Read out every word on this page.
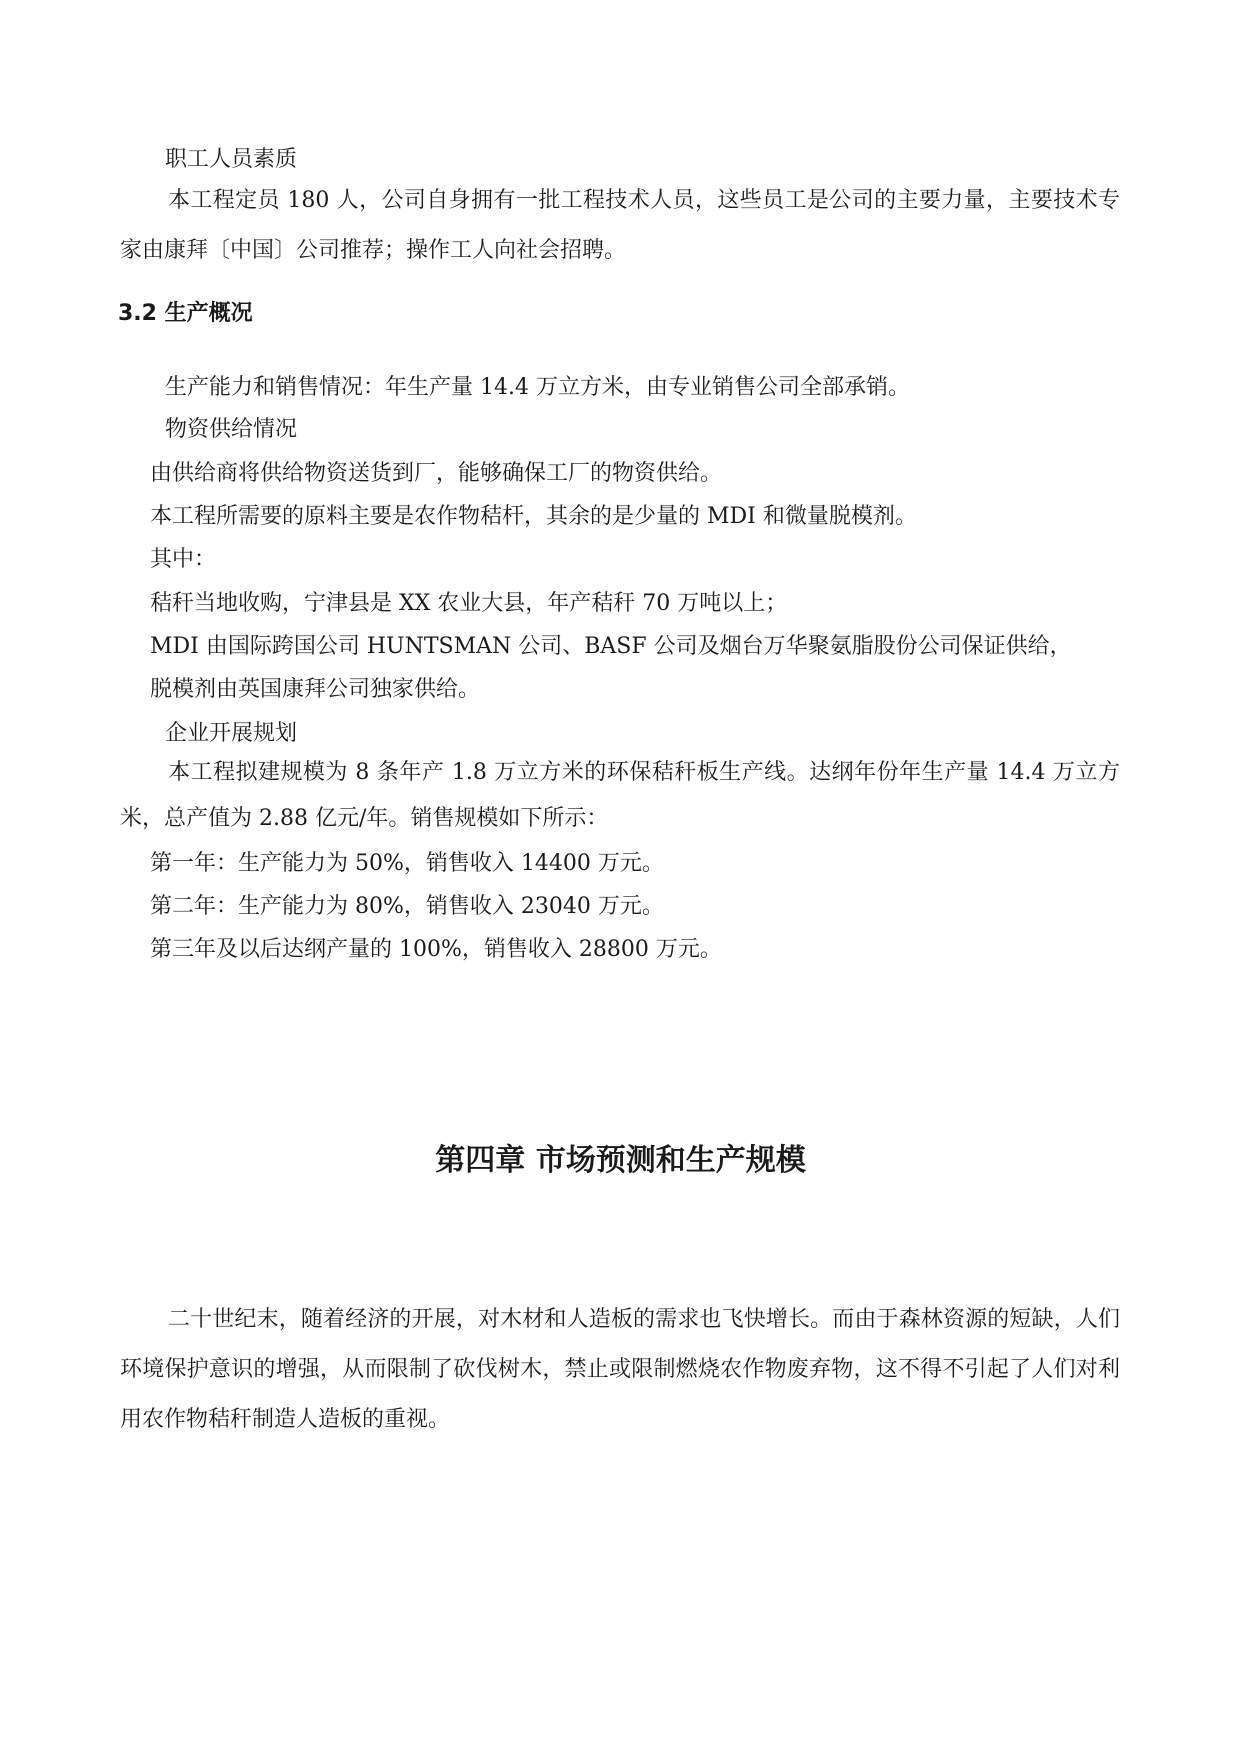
职工人员素质
本工程定员 180 人，公司自身拥有一批工程技术人员，这些员工是公司的主要力量，主要技术专家由康拜〔中国〕公司推荐；操作工人向社会招聘。
3.2 生产概况
生产能力和销售情况：年生产量 14.4 万立方米，由专业销售公司全部承销。
物资供给情况
由供给商将供给物资送货到厂，能够确保工厂的物资供给。
本工程所需要的原料主要是农作物秸杆，其余的是少量的 MDI 和微量脱模剂。
其中：
秸秆当地收购，宁津县是 XX 农业大县，年产秸秆 70 万吨以上；
MDI 由国际跨国公司 HUNTSMAN 公司、BASF 公司及烟台万华聚氨脂股份公司保证供给，
脱模剂由英国康拜公司独家供给。
企业开展规划
本工程拟建规模为 8 条年产 1.8 万立方米的环保秸秆板生产线。达纲年份年生产量 14.4 万立方米，总产值为 2.88 亿元/年。销售规模如下所示：
第一年：生产能力为 50%，销售收入 14400 万元。
第二年：生产能力为 80%，销售收入 23040 万元。
第三年及以后达纲产量的 100%，销售收入 28800 万元。
第四章 市场预测和生产规模
二十世纪末，随着经济的开展，对木材和人造板的需求也飞快增长。而由于森林资源的短缺，人们环境保护意识的增强，从而限制了砍伐树木，禁止或限制燃烧农作物废弃物，这不得不引起了人们对利用农作物秸秆制造人造板的重视。
